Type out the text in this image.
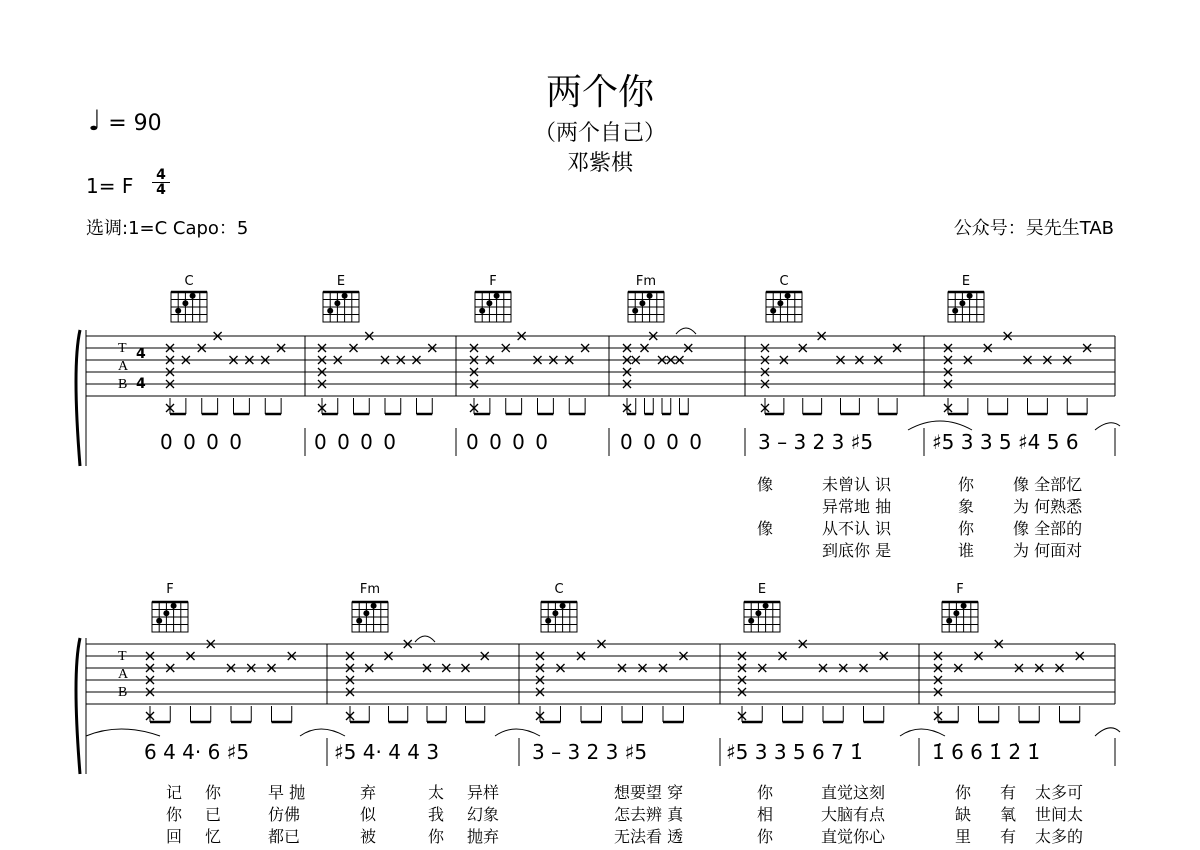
两个你
（两个自己）
邓紫棋
♩ = 90
1= F 4
4
选调:1=C Capo：5	公众号：吴先生TAB
C	E	F	Fm	C	E
F	Fm	C	E	F
0 0 0 0	0 0 0 0	0 0 0 0	0 0 0 0	3 – 3 2 3 ♯5	♯5 3 3 5 ♯4 5 6
6 4 4· 6 ♯5	♯5 4· 4 4 3	3 – 3 2 3 ♯5	♯5 3 3 5 6 7 1̇	1̇ 6 6 1̇ 2̇ 1̇
像	未曾认 识	你 像 全部忆
异常地 抽	象 为 何熟悉
像	从不认 识	你 像 全部的
到底你 是	谁 为 何面对
记 你	早 抛	弃	太 异样	想要望 穿	你	直觉这刻	你 有 太多可
你 已	仿佛	似	我 幻象	怎去辨 真	相	大脑有点	缺 氧 世间太
回 忆	都已	被	你 抛弃	无法看 透	你	直觉你心	里 有 太多的
T
A
B
4
4
T
A
B
